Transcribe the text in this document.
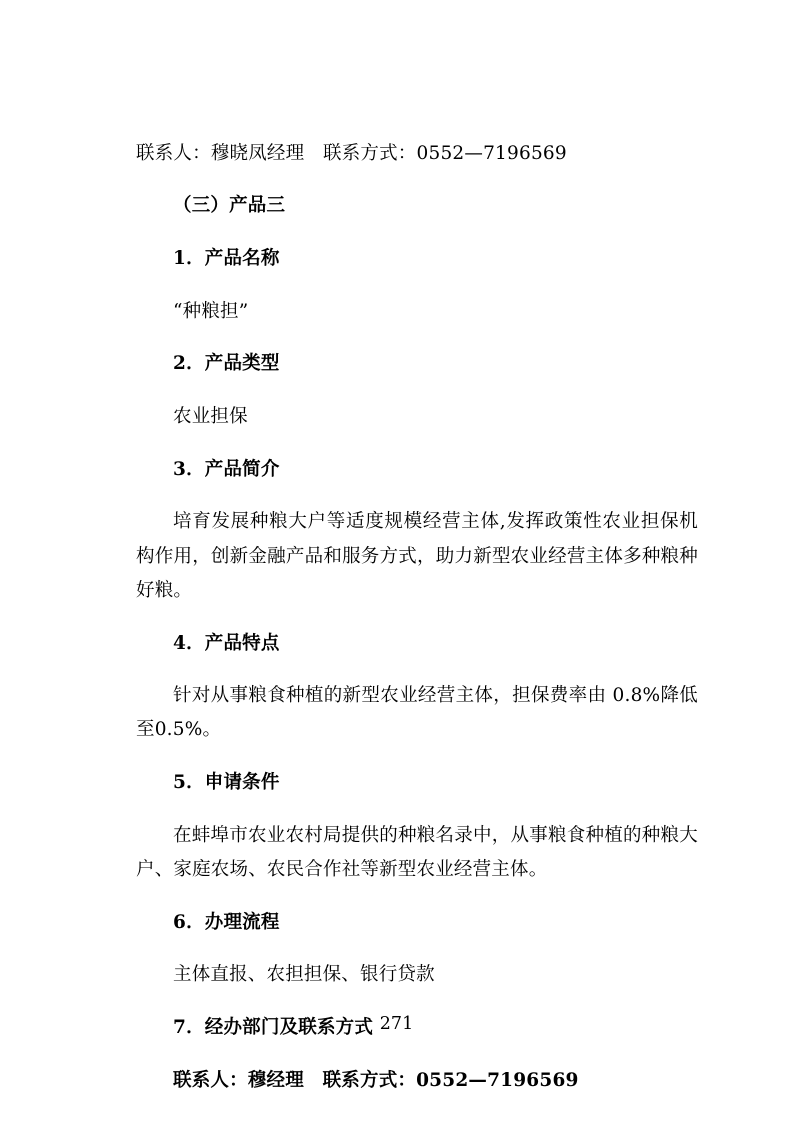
联系人：穆晓凤经理　联系方式：0552—7196569

（三）产品三

1．产品名称

“种粮担”

2．产品类型

农业担保

3．产品简介

培育发展种粮大户等适度规模经营主体,发挥政策性农业担保机构作用，创新金融产品和服务方式，助力新型农业经营主体多种粮种好粮。

4．产品特点

针对从事粮食种植的新型农业经营主体，担保费率由 0.8%降低至0.5%。

5．申请条件

在蚌埠市农业农村局提供的种粮名录中，从事粮食种植的种粮大户、家庭农场、农民合作社等新型农业经营主体。

6．办理流程

主体直报、农担担保、银行贷款

7．经办部门及联系方式

联系人：穆经理　联系方式：0552—7196569

271
